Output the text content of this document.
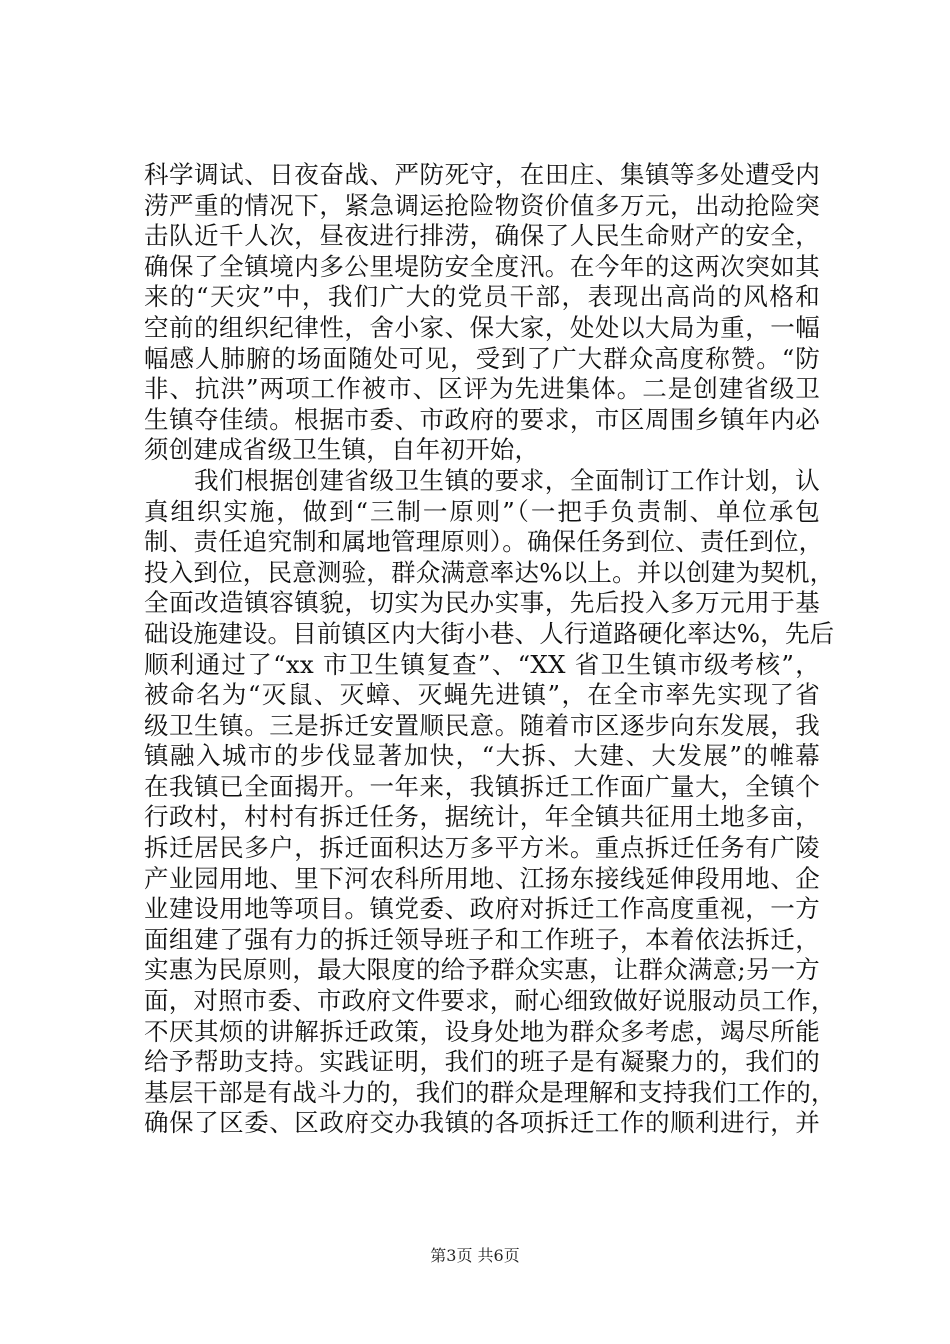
科学调试、日夜奋战、严防死守，在田庄、集镇等多处遭受内
涝严重的情况下，紧急调运抢险物资价值多万元，出动抢险突
击队近千人次，昼夜进行排涝，确保了人民生命财产的安全，
确保了全镇境内多公里堤防安全度汛。在今年的这两次突如其
来的“天灾”中，我们广大的党员干部，表现出高尚的风格和
空前的组织纪律性，舍小家、保大家，处处以大局为重，一幅
幅感人肺腑的场面随处可见，受到了广大群众高度称赞。“防
非、抗洪”两项工作被市、区评为先进集体。二是创建省级卫
生镇夺佳绩。根据市委、市政府的要求，市区周围乡镇年内必
须创建成省级卫生镇，自年初开始，
　　我们根据创建省级卫生镇的要求，全面制订工作计划，认
真组织实施，做到“三制一原则”（一把手负责制、单位承包
制、责任追究制和属地管理原则）。确保任务到位、责任到位，
投入到位，民意测验，群众满意率达%以上。并以创建为契机，
全面改造镇容镇貌，切实为民办实事，先后投入多万元用于基
础设施建设。目前镇区内大街小巷、人行道路硬化率达%，先后
顺利通过了“xx 市卫生镇复查”、“XX 省卫生镇市级考核”，
被命名为“灭鼠、灭蟑、灭蝇先进镇”，在全市率先实现了省
级卫生镇。三是拆迁安置顺民意。随着市区逐步向东发展，我
镇融入城市的步伐显著加快，“大拆、大建、大发展”的帷幕
在我镇已全面揭开。一年来，我镇拆迁工作面广量大，全镇个
行政村，村村有拆迁任务，据统计，年全镇共征用土地多亩，
拆迁居民多户，拆迁面积达万多平方米。重点拆迁任务有广陵
产业园用地、里下河农科所用地、江扬东接线延伸段用地、企
业建设用地等项目。镇党委、政府对拆迁工作高度重视，一方
面组建了强有力的拆迁领导班子和工作班子，本着依法拆迁，
实惠为民原则，最大限度的给予群众实惠，让群众满意;另一方
面，对照市委、市政府文件要求，耐心细致做好说服动员工作，
不厌其烦的讲解拆迁政策，设身处地为群众多考虑，竭尽所能
给予帮助支持。实践证明，我们的班子是有凝聚力的，我们的
基层干部是有战斗力的，我们的群众是理解和支持我们工作的，
确保了区委、区政府交办我镇的各项拆迁工作的顺利进行，并
第3页 共6页
